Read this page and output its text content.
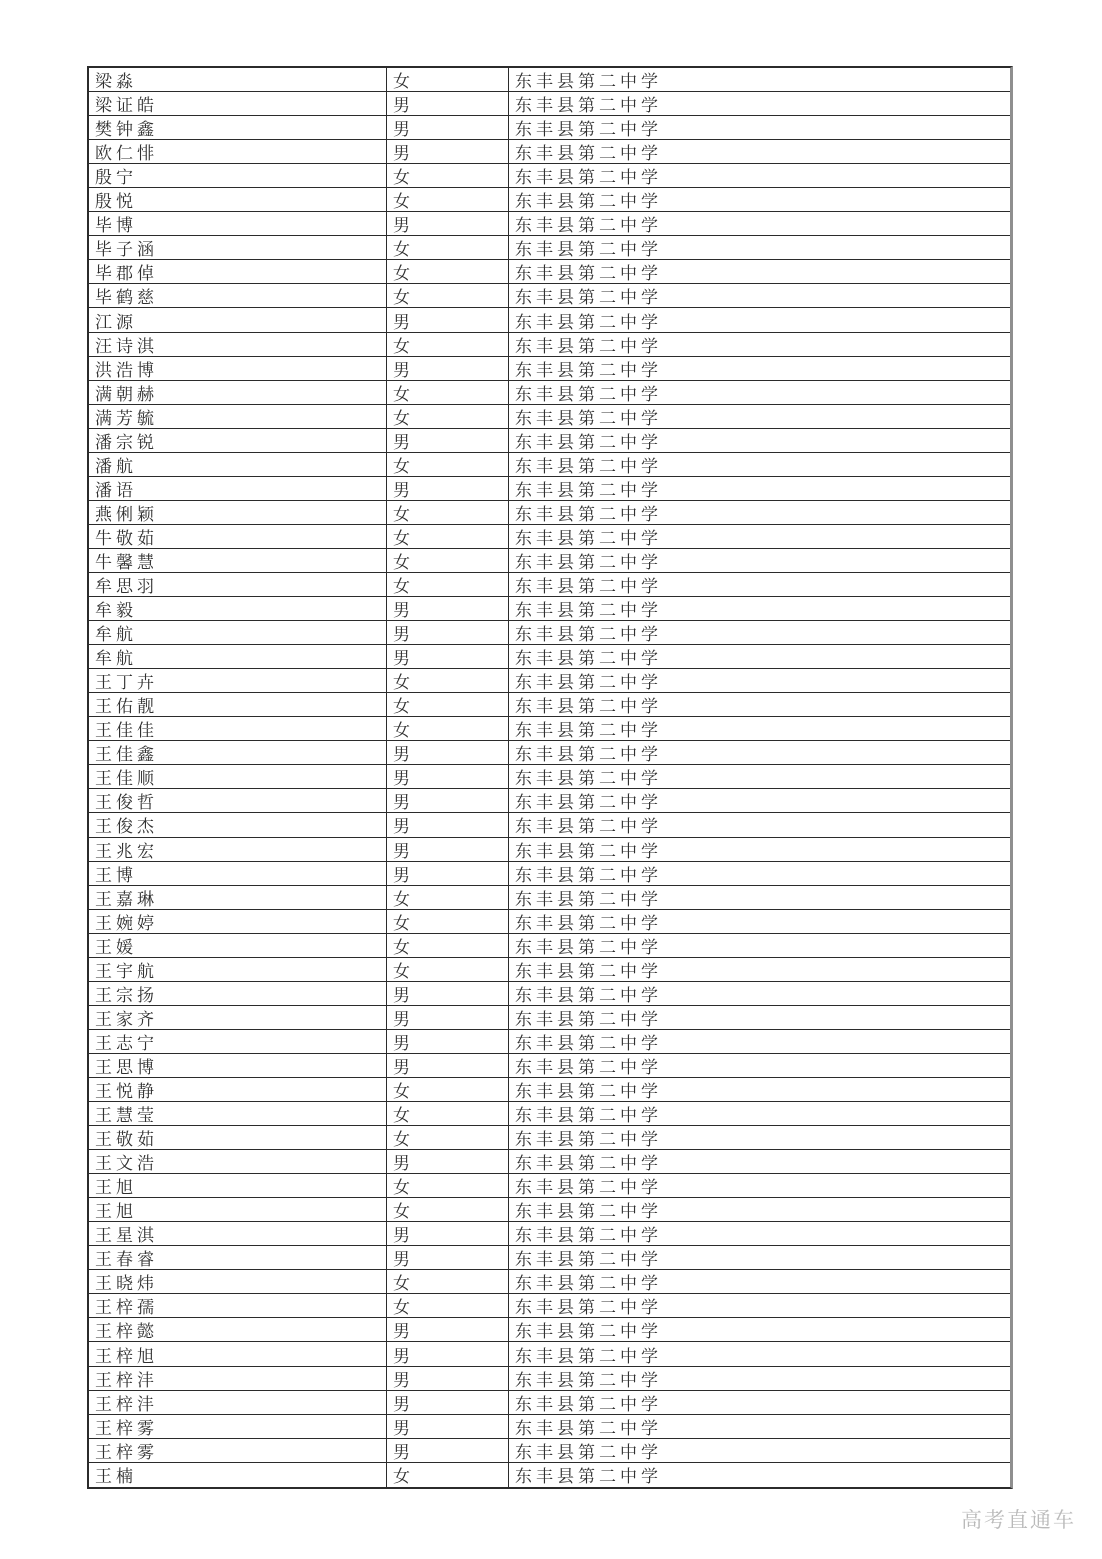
梁淼	女	东丰县第二中学
梁证皓	男	东丰县第二中学
樊钟鑫	男	东丰县第二中学
欧仁悱	男	东丰县第二中学
殷宁	女	东丰县第二中学
殷悦	女	东丰县第二中学
毕博	男	东丰县第二中学
毕子涵	女	东丰县第二中学
毕郡倬	女	东丰县第二中学
毕鹤慈	女	东丰县第二中学
江源	男	东丰县第二中学
汪诗淇	女	东丰县第二中学
洪浩博	男	东丰县第二中学
满朝赫	女	东丰县第二中学
满芳毓	女	东丰县第二中学
潘宗锐	男	东丰县第二中学
潘航	女	东丰县第二中学
潘语	男	东丰县第二中学
燕俐颖	女	东丰县第二中学
牛敬茹	女	东丰县第二中学
牛馨慧	女	东丰县第二中学
牟思羽	女	东丰县第二中学
牟毅	男	东丰县第二中学
牟航	男	东丰县第二中学
牟航	男	东丰县第二中学
王丁卉	女	东丰县第二中学
王佑靓	女	东丰县第二中学
王佳佳	女	东丰县第二中学
王佳鑫	男	东丰县第二中学
王佳顺	男	东丰县第二中学
王俊哲	男	东丰县第二中学
王俊杰	男	东丰县第二中学
王兆宏	男	东丰县第二中学
王博	男	东丰县第二中学
王嘉琳	女	东丰县第二中学
王婉婷	女	东丰县第二中学
王媛	女	东丰县第二中学
王宇航	女	东丰县第二中学
王宗扬	男	东丰县第二中学
王家齐	男	东丰县第二中学
王志宁	男	东丰县第二中学
王思博	男	东丰县第二中学
王悦静	女	东丰县第二中学
王慧莹	女	东丰县第二中学
王敬茹	女	东丰县第二中学
王文浩	男	东丰县第二中学
王旭	女	东丰县第二中学
王旭	女	东丰县第二中学
王星淇	男	东丰县第二中学
王春睿	男	东丰县第二中学
王晓炜	女	东丰县第二中学
王梓孺	女	东丰县第二中学
王梓懿	男	东丰县第二中学
王梓旭	男	东丰县第二中学
王梓沣	男	东丰县第二中学
王梓沣	男	东丰县第二中学
王梓雾	男	东丰县第二中学
王梓雾	男	东丰县第二中学
王楠	女	东丰县第二中学
高考直通车
